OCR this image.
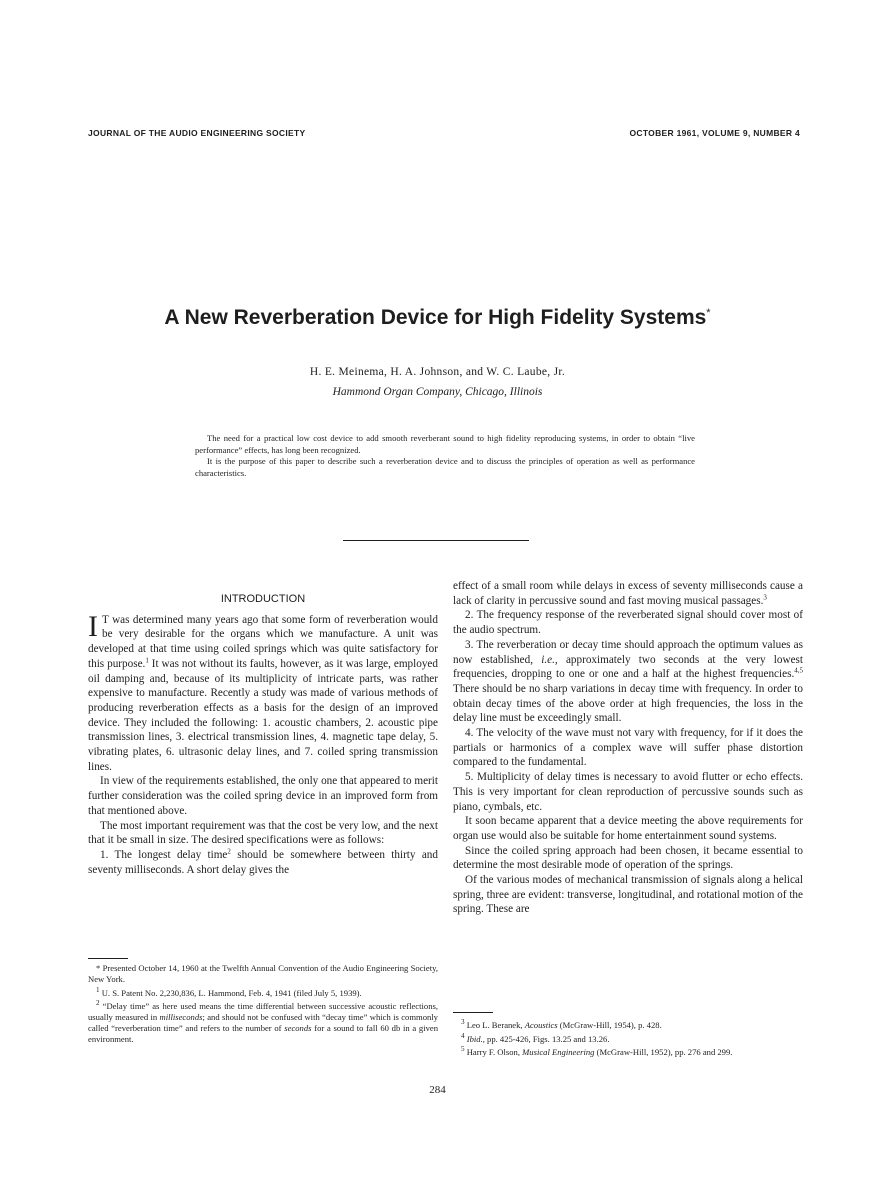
JOURNAL OF THE AUDIO ENGINEERING SOCIETY	OCTOBER 1961, VOLUME 9, NUMBER 4
A New Reverberation Device for High Fidelity Systems*
H. E. Meinema, H. A. Johnson, and W. C. Laube, Jr.
Hammond Organ Company, Chicago, Illinois

The need for a practical low cost device to add smooth reverberant sound to high fidelity reproducing systems, in order to obtain “live performance” effects, has long been recognized.

It is the purpose of this paper to describe such a reverberation device and to discuss the principles of operation as well as performance characteristics.

INTRODUCTION

I T was determined many years ago that some form of reverberation would be very desirable for the organs which we manufacture. A unit was developed at that time using coiled springs which was quite satisfactory for this purpose.$^1$ It was not without its faults, however, as it was large, employed oil damping and, because of its multiplicity of intricate parts, was rather expensive to manufacture. Recently a study was made of various methods of producing reverberation effects as a basis for the design of an improved device. They included the following: 1. acoustic chambers, 2. acoustic pipe transmission lines, 3. electrical transmission lines, 4. magnetic tape delay, 5. vibrating plates, 6. ultrasonic delay lines, and 7. coiled spring transmission lines.

In view of the requirements established, the only one that appeared to merit further consideration was the coiled spring device in an improved form from that mentioned above.

The most important requirement was that the cost be very low, and the next that it be small in size. The desired specifications were as follows:

1. The longest delay time$^2$ should be somewhere between thirty and seventy milliseconds. A short delay gives the

effect of a small room while delays in excess of seventy milliseconds cause a lack of clarity in percussive sound and fast moving musical passages.$^3$

2. The frequency response of the reverberated signal should cover most of the audio spectrum.

3. The reverberation or decay time should approach the optimum values as now established, i.e., approximately two seconds at the very lowest frequencies, dropping to one or one and a half at the highest frequencies.$^{4,5}$ There should be no sharp variations in decay time with frequency. In order to obtain decay times of the above order at high frequencies, the loss in the delay line must be exceedingly small.

4. The velocity of the wave must not vary with frequency, for if it does the partials or harmonics of a complex wave will suffer phase distortion compared to the fundamental.

5. Multiplicity of delay times is necessary to avoid flutter or echo effects. This is very important for clean reproduction of percussive sounds such as piano, cymbals, etc.

It soon became apparent that a device meeting the above requirements for organ use would also be suitable for home entertainment sound systems.

Since the coiled spring approach had been chosen, it became essential to determine the most desirable mode of operation of the springs.

Of the various modes of mechanical transmission of signals along a helical spring, three are evident: transverse, longitudinal, and rotational motion of the spring. These are

* Presented October 14, 1960 at the Twelfth Annual Convention of the Audio Engineering Society, New York.

$^1$ U. S. Patent No. 2,230,836, L. Hammond, Feb. 4, 1941 (filed July 5, 1939).

$^2$ “Delay time” as here used means the time differential between successive acoustic reflections, usually measured in milliseconds; and should not be confused with “decay time” which is commonly called “reverberation time” and refers to the number of seconds for a sound to fall 60 db in a given environment.

$^3$ Leo L. Beranek, Acoustics (McGraw-Hill, 1954), p. 428.

$^4$ Ibid., pp. 425-426, Figs. 13.25 and 13.26.

$^5$ Harry F. Olson, Musical Engineering (McGraw-Hill, 1952), pp. 276 and 299.

284
